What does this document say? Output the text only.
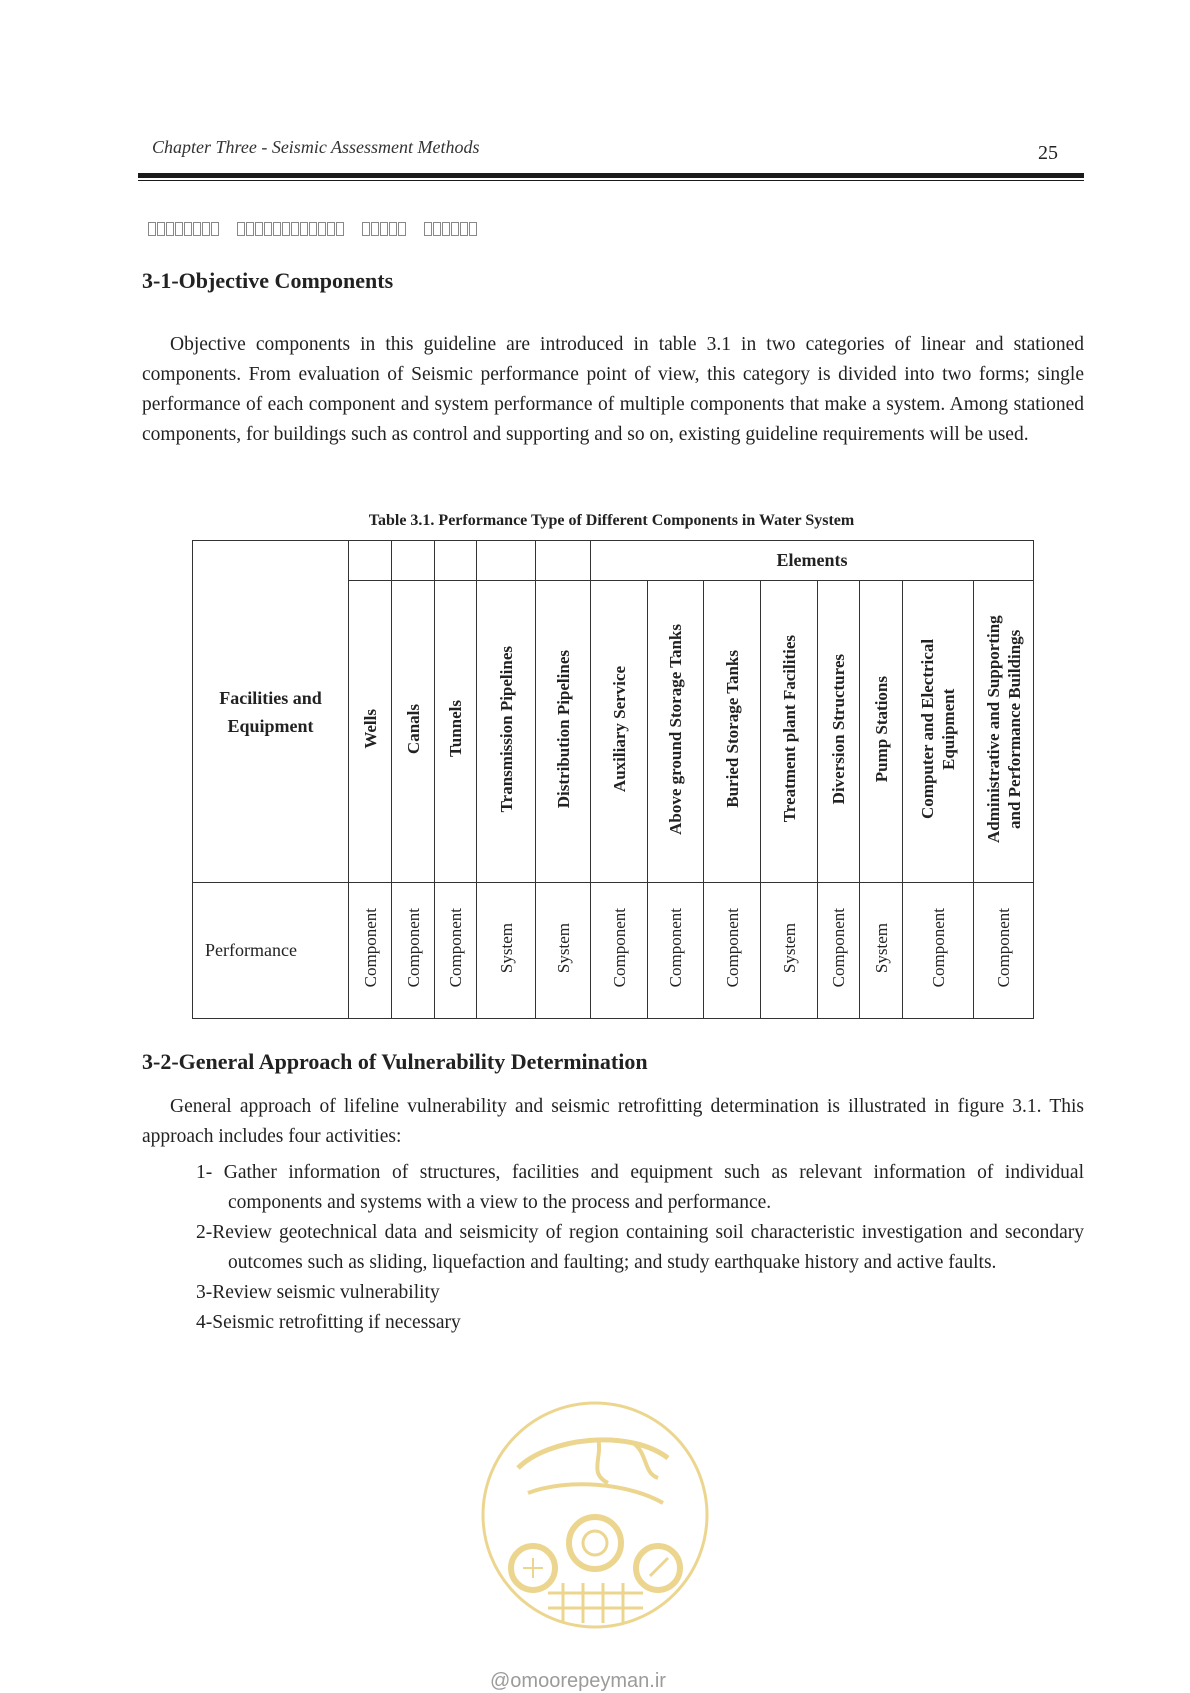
Chapter Three - Seismic Assessment Methods	25
3-1-Objective Components

Objective components in this guideline are introduced in table 3.1 in two categories of linear and stationed components. From evaluation of Seismic performance point of view, this category is divided into two forms; single performance of each component and system performance of multiple components that make a system. Among stationed components, for buildings such as control and supporting and so on, existing guideline requirements will be used.

Table 3.1. Performance Type of Different Components in Water System
Facilities and Equipment						Elements							
	Wells	Canals	Tunnels	Transmission Pipelines	Distribution Pipelines	Auxiliary Service	Above ground Storage Tanks	Buried Storage Tanks	Treatment plant Facilities	Diversion Structures	Pump Stations	Computer and Electrical Equipment	Administrative and Supporting and Performance Buildings
Performance	Component	Component	Component	System	System	Component	Component	Component	System	Component	System	Component	Component
3-2-General Approach of Vulnerability Determination

General approach of lifeline vulnerability and seismic retrofitting determination is illustrated in figure 3.1. This approach includes four activities:

1- Gather information of structures, facilities and equipment such as relevant information of individual components and systems with a view to the process and performance.
2-Review geotechnical data and seismicity of region containing soil characteristic investigation and secondary outcomes such as sliding, liquefaction and faulting; and study earthquake history and active faults.
3-Review seismic vulnerability
4-Seismic retrofitting if necessary
@omoorepeyman.ir
